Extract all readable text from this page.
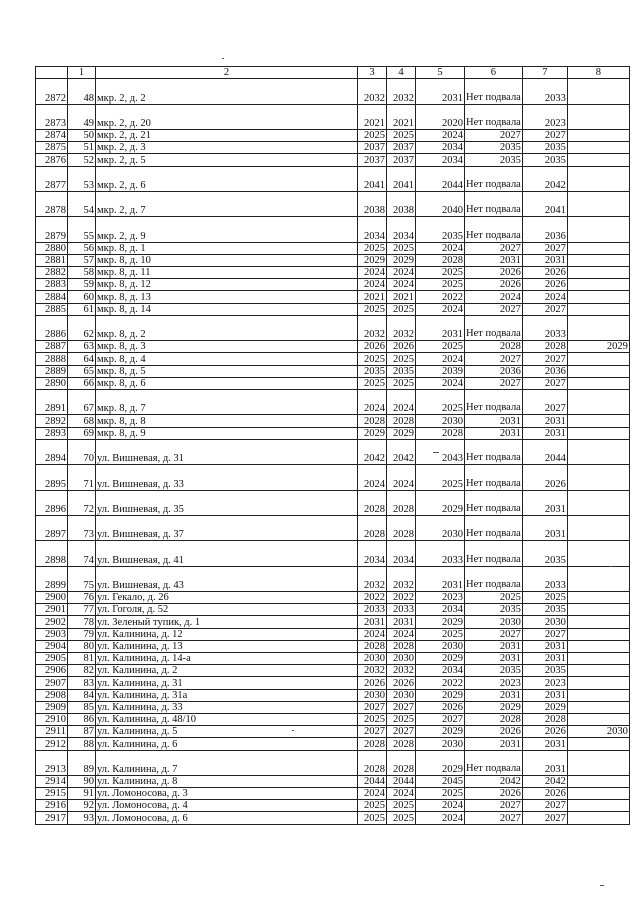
	1	2	3	4	5	6	7	8
2872	48	мкр. 2, д. 2	2032	2032	2031	Нет подвала	2033	
2873	49	мкр. 2, д. 20	2021	2021	2020	Нет подвала	2023	
2874	50	мкр. 2, д. 21	2025	2025	2024	2027	2027	
2875	51	мкр. 2, д. 3	2037	2037	2034	2035	2035	
2876	52	мкр. 2, д. 5	2037	2037	2034	2035	2035	
2877	53	мкр. 2, д. 6	2041	2041	2044	Нет подвала	2042	
2878	54	мкр. 2, д. 7	2038	2038	2040	Нет подвала	2041	
2879	55	мкр. 2, д. 9	2034	2034	2035	Нет подвала	2036	
2880	56	мкр. 8, д. 1	2025	2025	2024	2027	2027	
2881	57	мкр. 8, д. 10	2029	2029	2028	2031	2031	
2882	58	мкр. 8, д. 11	2024	2024	2025	2026	2026	
2883	59	мкр. 8, д. 12	2024	2024	2025	2026	2026	
2884	60	мкр. 8, д. 13	2021	2021	2022	2024	2024	
2885	61	мкр. 8, д. 14	2025	2025	2024	2027	2027	
2886	62	мкр. 8, д. 2	2032	2032	2031	Нет подвала	2033	
2887	63	мкр. 8, д. 3	2026	2026	2025	2028	2028	2029
2888	64	мкр. 8, д. 4	2025	2025	2024	2027	2027	
2889	65	мкр. 8, д. 5	2035	2035	2039	2036	2036	
2890	66	мкр. 8, д. 6	2025	2025	2024	2027	2027	
2891	67	мкр. 8, д. 7	2024	2024	2025	Нет подвала	2027	
2892	68	мкр. 8, д. 8	2028	2028	2030	2031	2031	
2893	69	мкр. 8, д. 9	2029	2029	2028	2031	2031	
2894	70	ул. Вишневая, д. 31	2042	2042	2043	Нет подвала	2044	
2895	71	ул. Вишневая, д. 33	2024	2024	2025	Нет подвала	2026	
2896	72	ул. Вишневая, д. 35	2028	2028	2029	Нет подвала	2031	
2897	73	ул. Вишневая, д. 37	2028	2028	2030	Нет подвала	2031	
2898	74	ул. Вишневая, д. 41	2034	2034	2033	Нет подвала	2035	
2899	75	ул. Вишневая, д. 43	2032	2032	2031	Нет подвала	2033	
2900	76	ул. Гекало, д. 26	2022	2022	2023	2025	2025	
2901	77	ул. Гоголя, д. 52	2033	2033	2034	2035	2035	
2902	78	ул. Зеленый тупик, д. 1	2031	2031	2029	2030	2030	
2903	79	ул. Калинина, д. 12	2024	2024	2025	2027	2027	
2904	80	ул. Калинина, д. 13	2028	2028	2030	2031	2031	
2905	81	ул. Калинина, д. 14-а	2030	2030	2029	2031	2031	
2906	82	ул. Калинина, д. 2	2032	2032	2034	2035	2035	
2907	83	ул. Калинина, д. 31	2026	2026	2022	2023	2023	
2908	84	ул. Калинина, д. 31а	2030	2030	2029	2031	2031	
2909	85	ул. Калинина, д. 33	2027	2027	2026	2029	2029	
2910	86	ул. Калинина, д. 48/10	2025	2025	2027	2028	2028	
2911	87	ул. Калинина, д. 5	2027	2027	2029	2026	2026	2030
2912	88	ул. Калинина, д. 6	2028	2028	2030	2031	2031	
2913	89	ул. Калинина, д. 7	2028	2028	2029	Нет подвала	2031	
2914	90	ул. Калинина, д. 8	2044	2044	2045	2042	2042	
2915	91	ул. Ломоносова, д. 3	2024	2024	2025	2026	2026	
2916	92	ул. Ломоносова, д. 4	2025	2025	2024	2027	2027	
2917	93	ул. Ломоносова, д. 6	2025	2025	2024	2027	2027	
